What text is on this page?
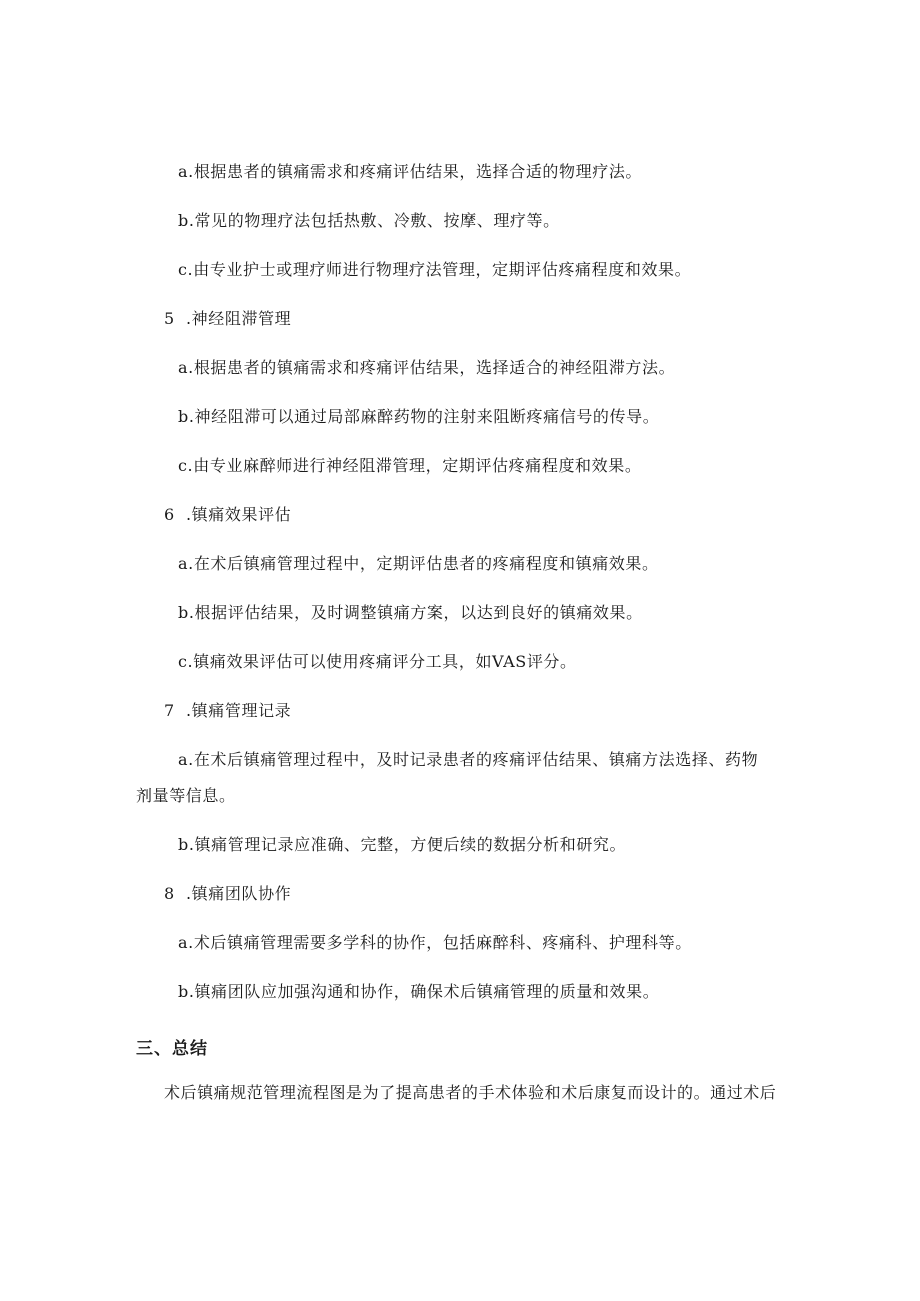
a.根据患者的镇痛需求和疼痛评估结果，选择合适的物理疗法。
b.常见的物理疗法包括热敷、冷敷、按摩、理疗等。
c.由专业护士或理疗师进行物理疗法管理，定期评估疼痛程度和效果。
5 .神经阻滞管理
a.根据患者的镇痛需求和疼痛评估结果，选择适合的神经阻滞方法。
b.神经阻滞可以通过局部麻醉药物的注射来阻断疼痛信号的传导。
c.由专业麻醉师进行神经阻滞管理，定期评估疼痛程度和效果。
6 .镇痛效果评估
a.在术后镇痛管理过程中，定期评估患者的疼痛程度和镇痛效果。
b.根据评估结果，及时调整镇痛方案，以达到良好的镇痛效果。
c.镇痛效果评估可以使用疼痛评分工具，如VAS评分。
7 .镇痛管理记录
a.在术后镇痛管理过程中，及时记录患者的疼痛评估结果、镇痛方法选择、药物
剂量等信息。
b.镇痛管理记录应准确、完整，方便后续的数据分析和研究。
8 .镇痛团队协作
a.术后镇痛管理需要多学科的协作，包括麻醉科、疼痛科、护理科等。
b.镇痛团队应加强沟通和协作，确保术后镇痛管理的质量和效果。
三、总结
术后镇痛规范管理流程图是为了提高患者的手术体验和术后康复而设计的。通过术后
